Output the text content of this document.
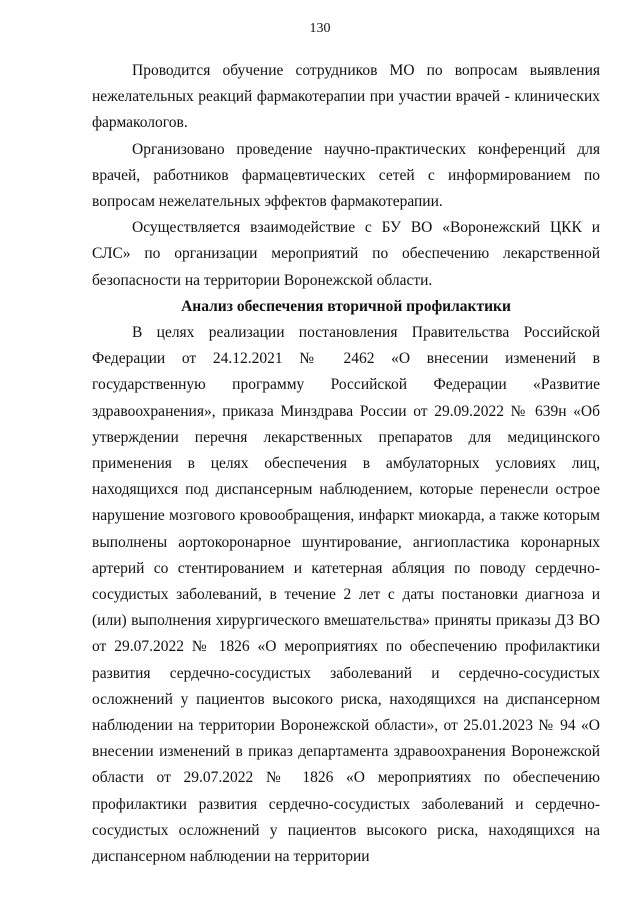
130

Проводится обучение сотрудников МО по вопросам выявления нежелательных реакций фармакотерапии при участии врачей - клинических фармакологов.

Организовано проведение научно-практических конференций для врачей, работников фармацевтических сетей с информированием по вопросам нежелательных эффектов фармакотерапии.

Осуществляется взаимодействие с БУ ВО «Воронежский ЦКК и СЛС» по организации мероприятий по обеспечению лекарственной безопасности на территории Воронежской области.

Анализ обеспечения вторичной профилактики

В целях реализации постановления Правительства Российской Федерации от 24.12.2021 № 2462 «О внесении изменений в государственную программу Российской Федерации «Развитие здравоохранения», приказа Минздрава России от 29.09.2022 № 639н «Об утверждении перечня лекарственных препаратов для медицинского применения в целях обеспечения в амбулаторных условиях лиц, находящихся под диспансерным наблюдением, которые перенесли острое нарушение мозгового кровообращения, инфаркт миокарда, а также которым выполнены аортокоронарное шунтирование, ангиопластика коронарных артерий со стентированием и катетерная абляция по поводу сердечно-сосудистых заболеваний, в течение 2 лет с даты постановки диагноза и (или) выполнения хирургического вмешательства» приняты приказы ДЗ ВО от 29.07.2022 № 1826 «О мероприятиях по обеспечению профилактики развития сердечно-сосудистых заболеваний и сердечно-сосудистых осложнений у пациентов высокого риска, находящихся на диспансерном наблюдении на территории Воронежской области», от 25.01.2023 № 94 «О внесении изменений в приказ департамента здравоохранения Воронежской области от 29.07.2022 № 1826 «О мероприятиях по обеспечению профилактики развития сердечно-сосудистых заболеваний и сердечно-сосудистых осложнений у пациентов высокого риска, находящихся на диспансерном наблюдении на территории
